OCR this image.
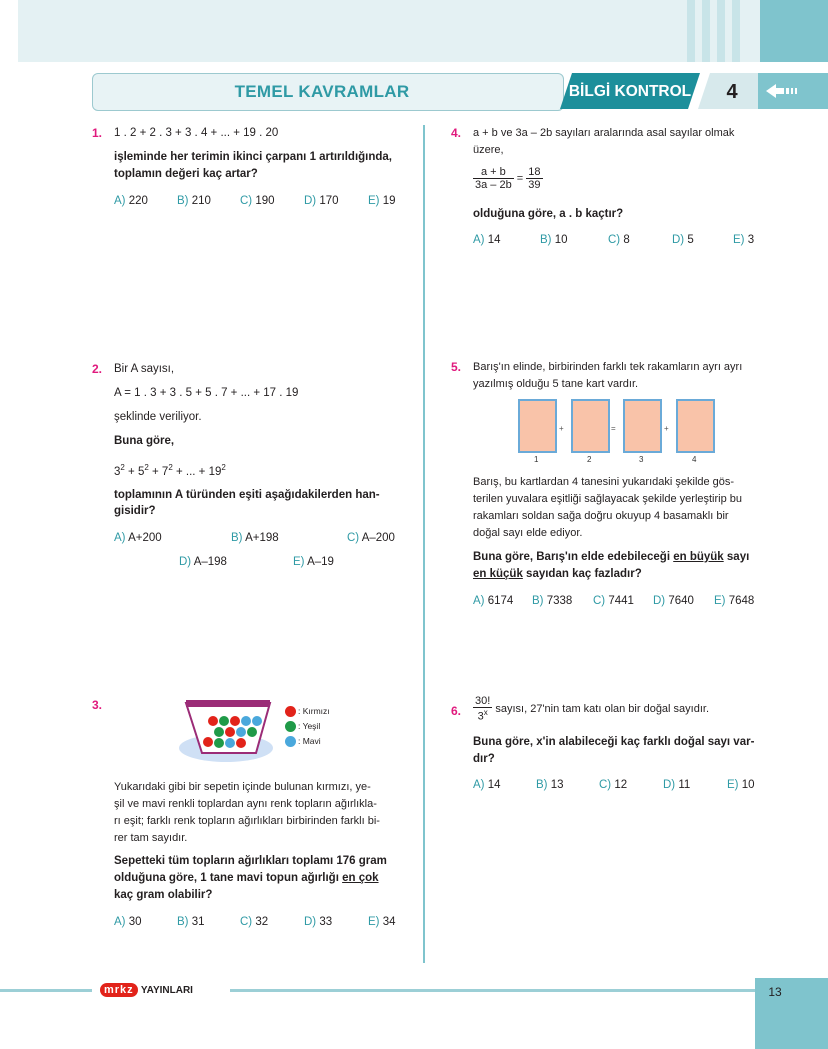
TEMEL KAVRAMLAR	BİLGİ KONTROL	4
1. 1 . 2 + 2 . 3 + 3 . 4 + ... + 19 . 20
işleminde her terimin ikinci çarpanı 1 artırıldığında,
toplamın değeri kaç artar?
A) 220	B) 210	C) 190	D) 170	E) 19
2. Bir A sayısı,
A = 1 . 3 + 3 . 5 + 5 . 7 + ... + 17 . 19
şeklinde veriliyor.
Buna göre,
$3^2 + 5^2 + 7^2$ + ... + $19^2$
toplamının A türünden eşiti aşağıdakilerden han-
gisidir?
A) A+200	B) A+198	C) A–200
D) A–198	E) A–19
3.	: Kırmızı
: Yeşil
: Mavi
Yukarıdaki gibi bir sepetin içinde bulunan kırmızı, ye-
şil ve mavi renkli toplardan aynı renk topların ağırlıkla-
rı eşit; farklı renk topların ağırlıkları birbirinden farklı bi-
rer tam sayıdır.
Sepetteki tüm topların ağırlıkları toplamı 176 gram
olduğuna göre, 1 tane mavi topun ağırlığı en çok
kaç gram olabilir?
A) 30	B) 31	C) 32	D) 33	E) 34
4. a + b ve 3a – 2b sayıları aralarında asal sayılar olmak
üzere,
$\frac{a + b}{3a - 2b} = \frac{18}{39}$
olduğuna göre, a . b kaçtır?
A) 14	B) 10	C) 8	D) 5	E) 3
5. Barış'ın elinde, birbirinden farklı tek rakamların ayrı ayrı
yazılmış olduğu 5 tane kart vardır.
+	=	+
1	2	3	4
Barış, bu kartlardan 4 tanesini yukarıdaki şekilde gös-
terilen yuvalara eşitliği sağlayacak şekilde yerleştirip bu
rakamları soldan sağa doğru okuyup 4 basamaklı bir
doğal sayı elde ediyor.
Buna göre, Barış'ın elde edebileceği en büyük sayı
en küçük sayıdan kaç fazladır?
A) 6174 B) 7338 C) 7441 D) 7640 E) 7648
6. $\frac{30!}{3^x}$ sayısı, 27'nin tam katı olan bir doğal sayıdır.
Buna göre, x'in alabileceği kaç farklı doğal sayı var-
dır?
A) 14	B) 13	C) 12	D) 11	E) 10
mrkz YAYINLARI	13
